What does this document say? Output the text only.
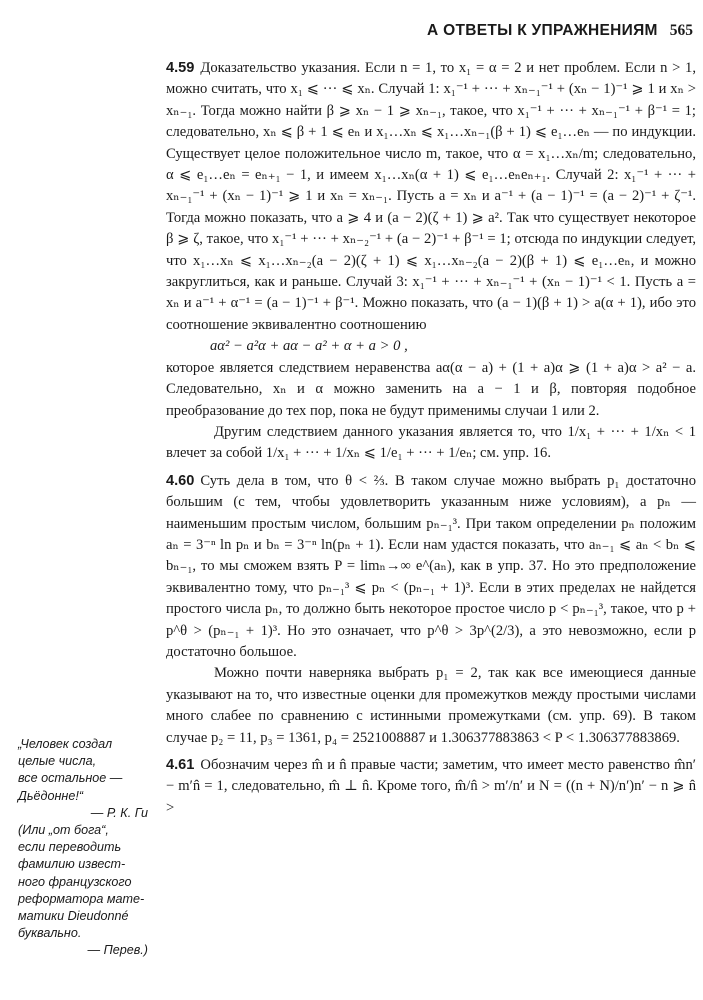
А ОТВЕТЫ К УПРАЖНЕНИЯМ 565

4.59 Доказательство указания. Если n = 1, то x₁ = α = 2 и нет проблем. Если n > 1, можно считать, что x₁ ⩽ ··· ⩽ xₙ. Случай 1: x₁⁻¹ + ··· + xₙ₋₁⁻¹ + (xₙ − 1)⁻¹ ⩾ 1 и xₙ > xₙ₋₁. Тогда можно найти β ⩾ xₙ − 1 ⩾ xₙ₋₁, такое, что x₁⁻¹ + ··· + xₙ₋₁⁻¹ + β⁻¹ = 1; следовательно, xₙ ⩽ β + 1 ⩽ eₙ и x₁…xₙ ⩽ x₁…xₙ₋₁(β + 1) ⩽ e₁…eₙ — по индукции. Существует целое положительное число m, такое, что α = x₁…xₙ/m; следовательно, α ⩽ e₁…eₙ = eₙ₊₁ − 1, и имеем x₁…xₙ(α + 1) ⩽ e₁…eₙeₙ₊₁. Случай 2: x₁⁻¹ + ··· + xₙ₋₁⁻¹ + (xₙ − 1)⁻¹ ⩾ 1 и xₙ = xₙ₋₁. Пусть a = xₙ и a⁻¹ + (a − 1)⁻¹ = (a − 2)⁻¹ + ζ⁻¹. Тогда можно показать, что a ⩾ 4 и (a − 2)(ζ + 1) ⩾ a². Так что существует некоторое β ⩾ ζ, такое, что x₁⁻¹ + ··· + xₙ₋₂⁻¹ + (a − 2)⁻¹ + β⁻¹ = 1; отсюда по индукции следует, что x₁…xₙ ⩽ x₁…xₙ₋₂(a − 2)(ζ + 1) ⩽ x₁…xₙ₋₂(a − 2)(β + 1) ⩽ e₁…eₙ, и можно закруглиться, как и раньше. Случай 3: x₁⁻¹ + ··· + xₙ₋₁⁻¹ + (xₙ − 1)⁻¹ < 1. Пусть a = xₙ и a⁻¹ + α⁻¹ = (a − 1)⁻¹ + β⁻¹. Можно показать, что (a − 1)(β + 1) > a(α + 1), ибо это соотношение эквивалентно соотношению

aα² − a²α + aα − a² + α + a > 0 ,

которое является следствием неравенства aα(α − a) + (1 + a)α ⩾ (1 + a)α > a² − a. Следовательно, xₙ и α можно заменить на a − 1 и β, повторяя подобное преобразование до тех пор, пока не будут применимы случаи 1 или 2.

Другим следствием данного указания является то, что 1/x₁ + ··· + 1/xₙ < 1 влечет за собой 1/x₁ + ··· + 1/xₙ ⩽ 1/e₁ + ··· + 1/eₙ; см. упр. 16.

4.60 Суть дела в том, что θ < ⅔. В таком случае можно выбрать p₁ достаточно большим (с тем, чтобы удовлетворить указанным ниже условиям), а pₙ — наименьшим простым числом, большим pₙ₋₁³. При таком определении pₙ положим aₙ = 3⁻ⁿ ln pₙ и bₙ = 3⁻ⁿ ln(pₙ + 1). Если нам удастся показать, что aₙ₋₁ ⩽ aₙ < bₙ ⩽ bₙ₋₁, то мы сможем взять P = limₙ→∞ e^(aₙ), как в упр. 37. Но это предположение эквивалентно тому, что pₙ₋₁³ ⩽ pₙ < (pₙ₋₁ + 1)³. Если в этих пределах не найдется простого числа pₙ, то должно быть некоторое простое число p < pₙ₋₁³, такое, что p + p^θ > (pₙ₋₁ + 1)³. Но это означает, что p^θ > 3p^(2/3), а это невозможно, если p достаточно большое.

Можно почти наверняка выбрать p₁ = 2, так как все имеющиеся данные указывают на то, что известные оценки для промежутков между простыми числами много слабее по сравнению с истинными промежутками (см. упр. 69). В таком случае p₂ = 11, p₃ = 1361, p₄ = 2521008887 и 1.306377883863 < P < 1.306377883869.

4.61 Обозначим через m̂ и n̂ правые части; заметим, что имеет место равенство m̂n′ − m′n̂ = 1, следовательно, m̂ ⊥ n̂. Кроме того, m̂/n̂ > m′/n′ и N = ((n + N)/n′)n′ − n ⩾ n̂ >

„Человек создал
целые числа,
все остальное —
Дьёдонне!“
— Р. К. Ги
(Или „от бога“,
если переводить
фамилию извест-
ного французского
реформатора мате-
матики Dieudonné
буквально.
— Перев.)
